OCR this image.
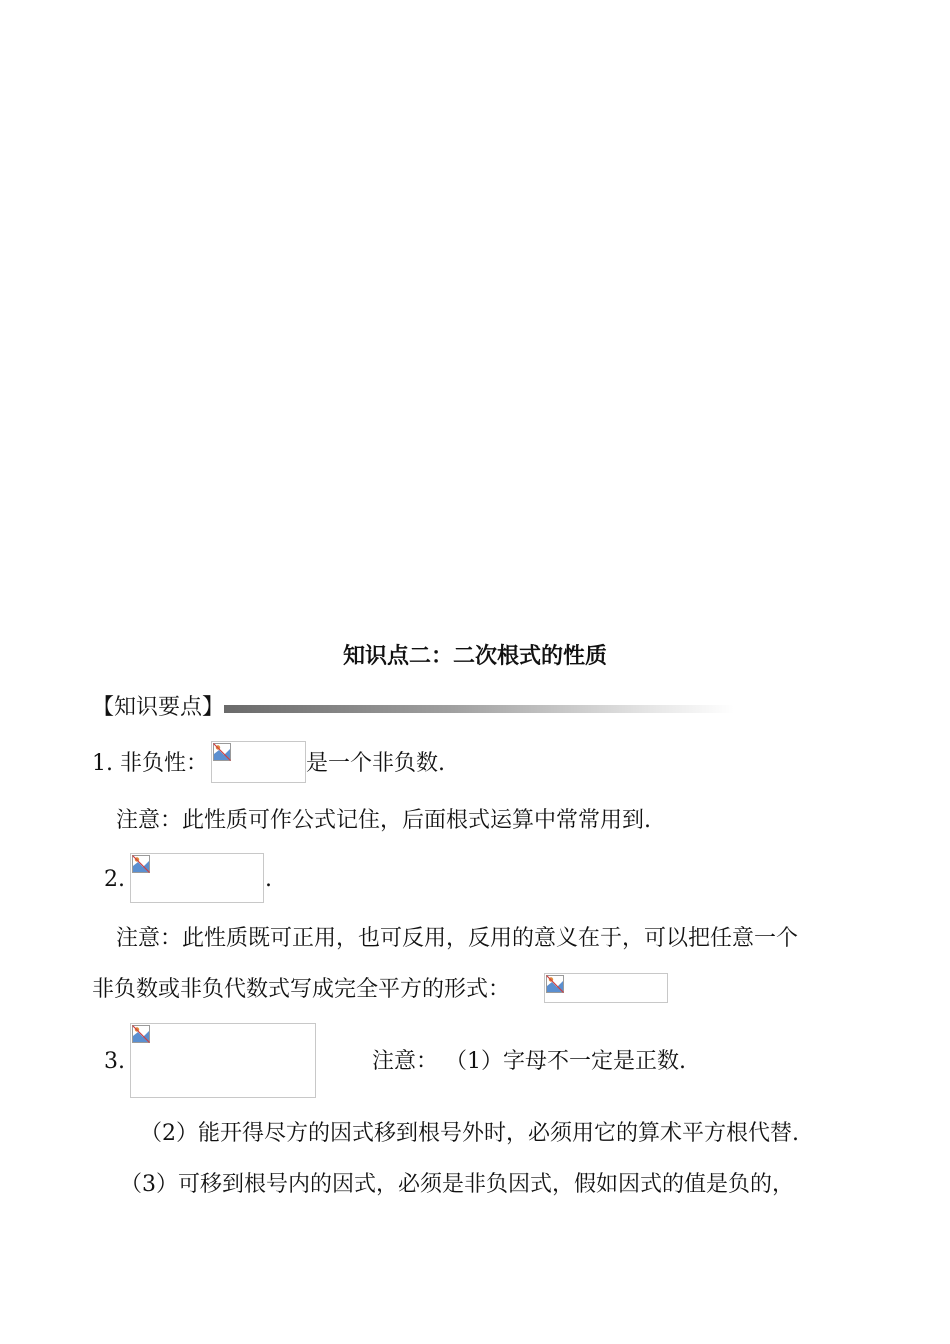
知识点二：二次根式的性质
【知识要点】
1. 非负性：	是一个非负数.
注意：此性质可作公式记住，后面根式运算中常常用到.
2.	.
注意：此性质既可正用，也可反用，反用的意义在于，可以把任意一个
非负数或非负代数式写成完全平方的形式：
3.	注意： （1）字母不一定是正数.
（2）能开得尽方的因式移到根号外时，必须用它的算术平方根代替.
（3）可移到根号内的因式，必须是非负因式，假如因式的值是负的，
